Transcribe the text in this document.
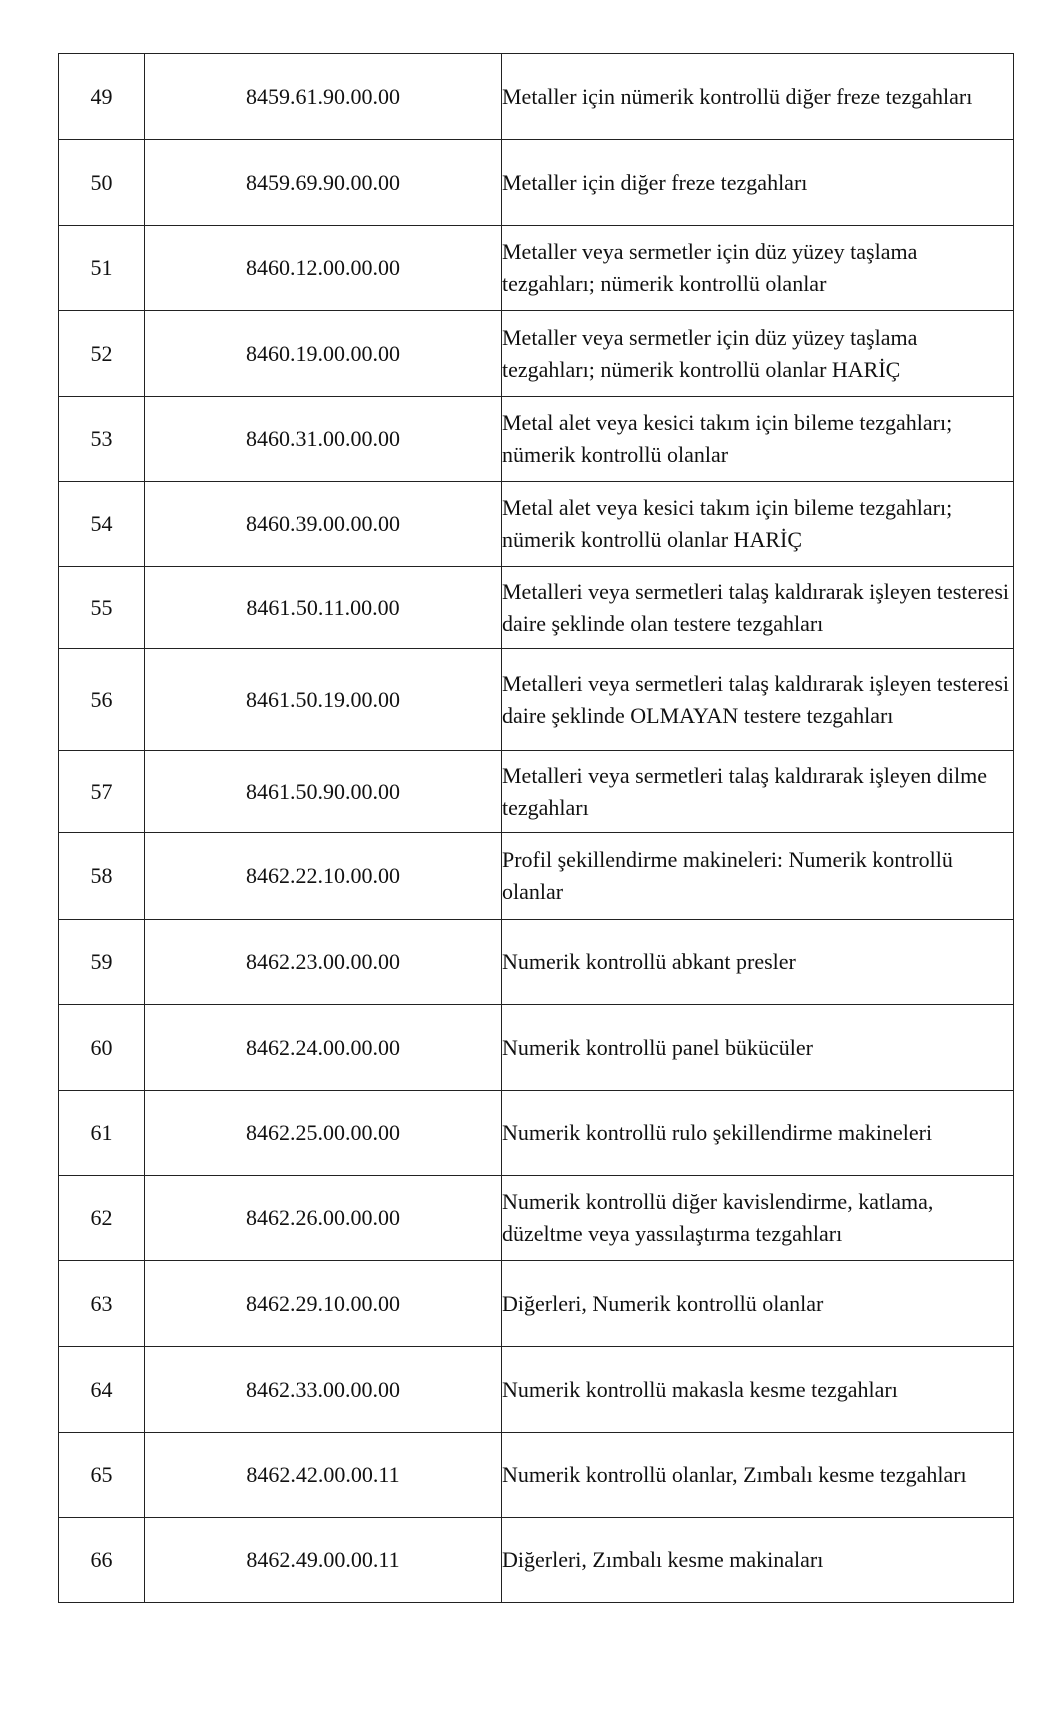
49	8459.61.90.00.00	Metaller için nümerik kontrollü diğer freze tezgahları
50	8459.69.90.00.00	Metaller için diğer freze tezgahları
51	8460.12.00.00.00	Metaller veya sermetler için düz yüzey taşlama tezgahları; nümerik kontrollü olanlar
52	8460.19.00.00.00	Metaller veya sermetler için düz yüzey taşlama tezgahları; nümerik kontrollü olanlar HARİÇ
53	8460.31.00.00.00	Metal alet veya kesici takım için bileme tezgahları; nümerik kontrollü olanlar
54	8460.39.00.00.00	Metal alet veya kesici takım için bileme tezgahları; nümerik kontrollü olanlar HARİÇ
55	8461.50.11.00.00	Metalleri veya sermetleri talaş kaldırarak işleyen testeresi daire şeklinde olan testere tezgahları
56	8461.50.19.00.00	Metalleri veya sermetleri talaş kaldırarak işleyen testeresi daire şeklinde OLMAYAN testere tezgahları
57	8461.50.90.00.00	Metalleri veya sermetleri talaş kaldırarak işleyen dilme tezgahları
58	8462.22.10.00.00	Profil şekillendirme makineleri: Numerik kontrollü olanlar
59	8462.23.00.00.00	Numerik kontrollü abkant presler
60	8462.24.00.00.00	Numerik kontrollü panel bükücüler
61	8462.25.00.00.00	Numerik kontrollü rulo şekillendirme makineleri
62	8462.26.00.00.00	Numerik kontrollü diğer kavislendirme, katlama, düzeltme veya yassılaştırma tezgahları
63	8462.29.10.00.00	Diğerleri, Numerik kontrollü olanlar
64	8462.33.00.00.00	Numerik kontrollü makasla kesme tezgahları
65	8462.42.00.00.11	Numerik kontrollü olanlar, Zımbalı kesme tezgahları
66	8462.49.00.00.11	Diğerleri, Zımbalı kesme makinaları
